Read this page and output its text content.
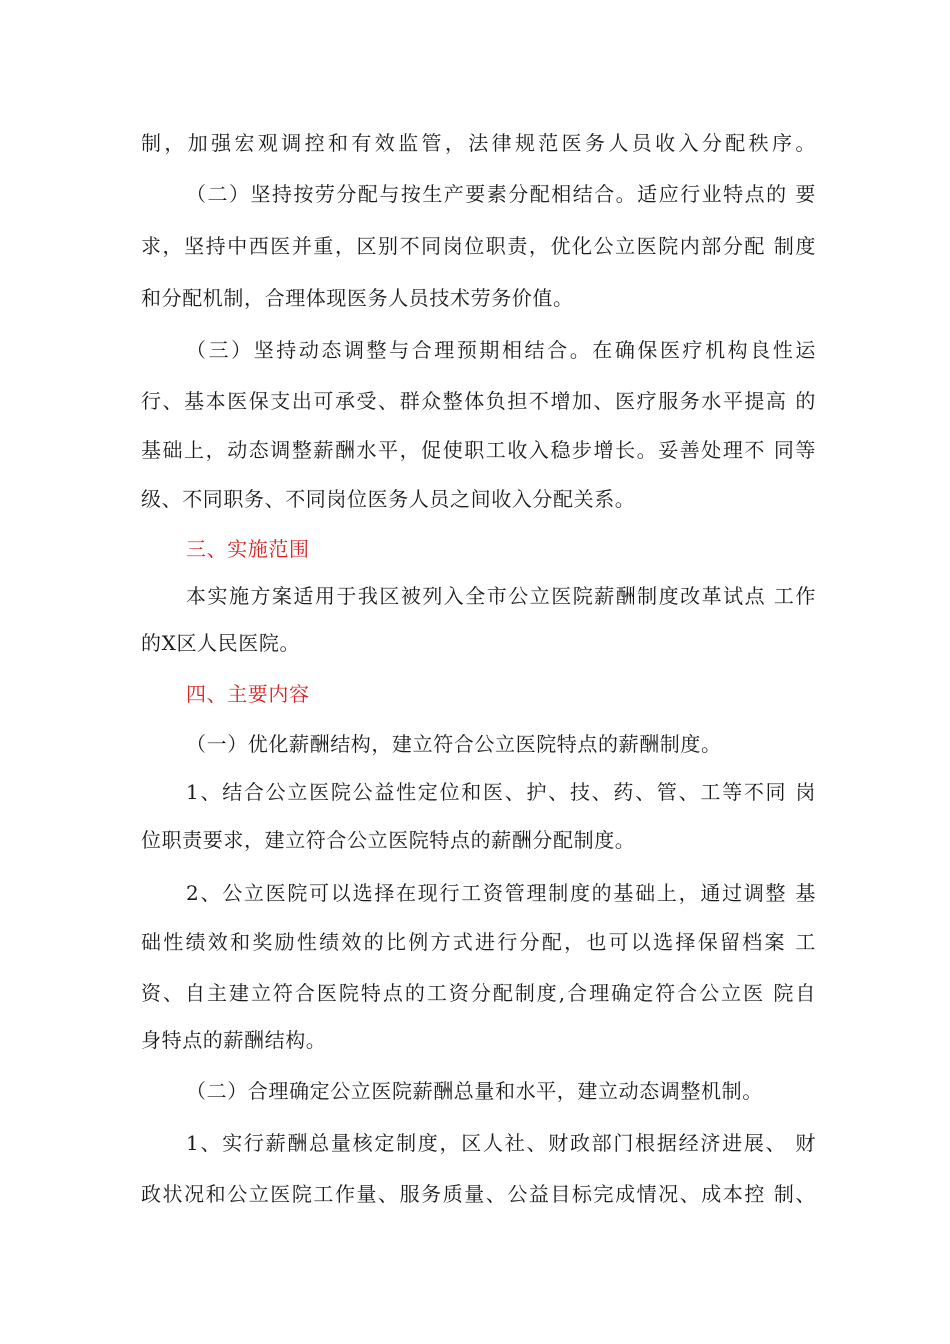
制，加强宏观调控和有效监管，法律规范医务人员收入分配秩序。
（二）坚持按劳分配与按生产要素分配相结合。适应行业特点的 要
求，坚持中西医并重，区别不同岗位职责，优化公立医院内部分配 制度
和分配机制，合理体现医务人员技术劳务价值。
（三）坚持动态调整与合理预期相结合。在确保医疗机构良性运
行、基本医保支出可承受、群众整体负担不增加、医疗服务水平提高 的
基础上，动态调整薪酬水平，促使职工收入稳步增长。妥善处理不 同等
级、不同职务、不同岗位医务人员之间收入分配关系。
三、实施范围
本实施方案适用于我区被列入全市公立医院薪酬制度改革试点 工作
的X区人民医院。
四、主要内容
（一）优化薪酬结构，建立符合公立医院特点的薪酬制度。
1、结合公立医院公益性定位和医、护、技、药、管、工等不同 岗
位职责要求，建立符合公立医院特点的薪酬分配制度。
2、公立医院可以选择在现行工资管理制度的基础上，通过调整 基
础性绩效和奖励性绩效的比例方式进行分配，也可以选择保留档案 工
资、自主建立符合医院特点的工资分配制度,合理确定符合公立医 院自
身特点的薪酬结构。
（二）合理确定公立医院薪酬总量和水平，建立动态调整机制。
1、实行薪酬总量核定制度，区人社、财政部门根据经济进展、 财
政状况和公立医院工作量、服务质量、公益目标完成情况、成本控 制、
